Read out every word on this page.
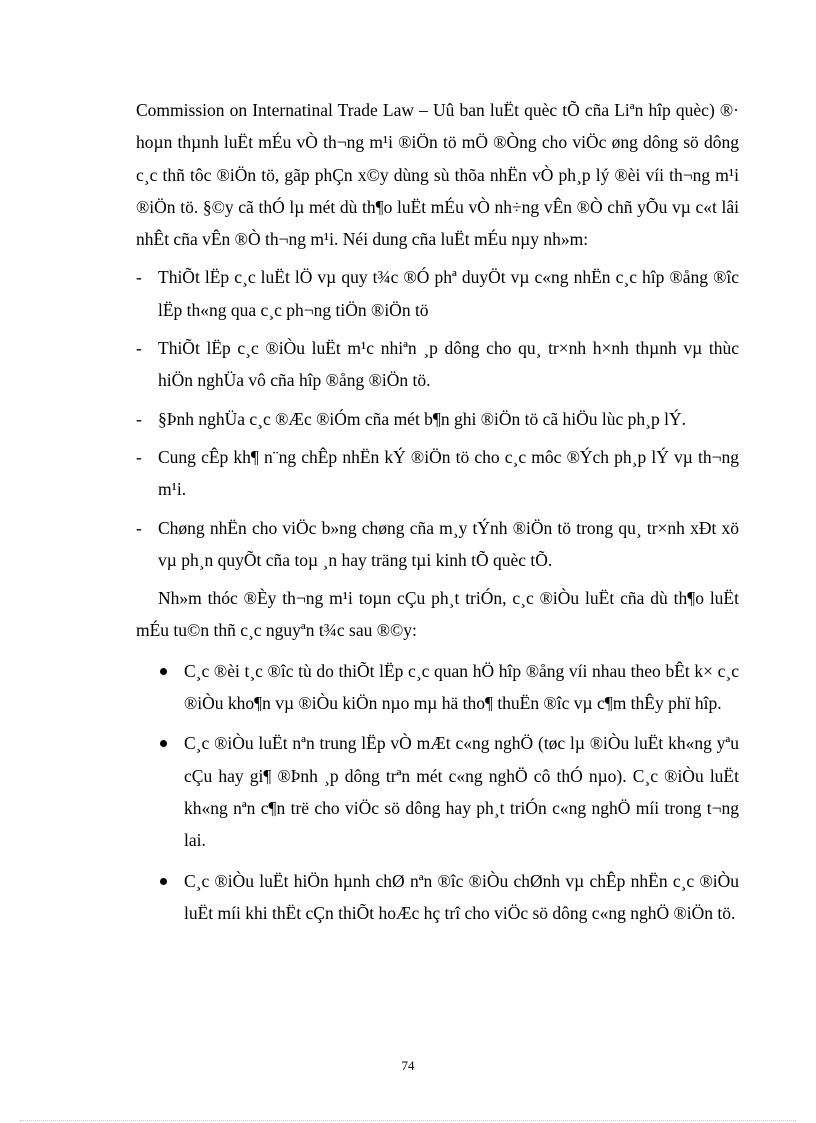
Commission on Internatinal Trade Law – Uû ban luËt quèc tÕ cña Liªn hîp quèc) ®· hoµn thµnh luËt mÉu vÒ th¬ng m¹i ®iÖn tö mÖ ®Òng cho viÖc øng dông sö dông c¸c thñ tôc ®iÖn tö, gãp phÇn x©y dùng sù thõa nhËn vÒ ph¸p lý ®èi víi th¬ng m¹i ®iÖn tö. §©y cã thÓ lµ mét dù th¶o luËt mÉu vÒ nh÷ng vÊn ®Ò chñ yÕu vµ c«t lâi nhÊt cña vÊn ®Ò th¬ng m¹i. Néi dung cña luËt mÉu nµy nh»m:

- ThiÕt lËp c¸c luËt lÖ vµ quy t¾c ®Ó phª duyÖt vµ c«ng nhËn c¸c hîp ®ång ®îc lËp th«ng qua c¸c ph¬ng tiÖn ®iÖn tö
- ThiÕt lËp c¸c ®iÒu luËt m¹c nhiªn ¸p dông cho qu¸ tr×nh h×nh thµnh vµ thùc hiÖn nghÜa vô cña hîp ®ång ®iÖn tö.
- §Þnh nghÜa c¸c ®Æc ®iÓm cña mét b¶n ghi ®iÖn tö cã hiÖu lùc ph¸p lÝ.
- Cung cÊp kh¶ n¨ng chÊp nhËn kÝ ®iÖn tö cho c¸c môc ®Ých ph¸p lÝ vµ th¬ng m¹i.
- Chøng nhËn cho viÖc b»ng chøng cña m¸y tÝnh ®iÖn tö trong qu¸ tr×nh xÐt xö vµ ph¸n quyÕt cña toµ ¸n hay träng tµi kinh tÕ quèc tÕ.

Nh»m thóc ®Èy th¬ng m¹i toµn cÇu ph¸t triÓn, c¸c ®iÒu luËt cña dù th¶o luËt mÉu tu©n thñ c¸c nguyªn t¾c sau ®©y:

C¸c ®èi t¸c ®îc tù do thiÕt lËp c¸c quan hÖ hîp ®ång víi nhau theo bÊt k× c¸c ®iÒu kho¶n vµ ®iÒu kiÖn nµo mµ hä tho¶ thuËn ®îc vµ c¶m thÊy phï hîp.
C¸c ®iÒu luËt nªn trung lËp vÒ mÆt c«ng nghÖ (tøc lµ ®iÒu luËt kh«ng yªu cÇu hay gi¶ ®Þnh ¸p dông trªn mét c«ng nghÖ cô thÓ nµo). C¸c ®iÒu luËt kh«ng nªn c¶n trë cho viÖc sö dông hay ph¸t triÓn c«ng nghÖ míi trong t¬ng lai.
C¸c ®iÒu luËt hiÖn hµnh chØ nªn ®îc ®iÒu chØnh vµ chÊp nhËn c¸c ®iÒu luËt míi khi thËt cÇn thiÕt hoÆc hç trî cho viÖc sö dông c«ng nghÖ ®iÖn tö.
74
